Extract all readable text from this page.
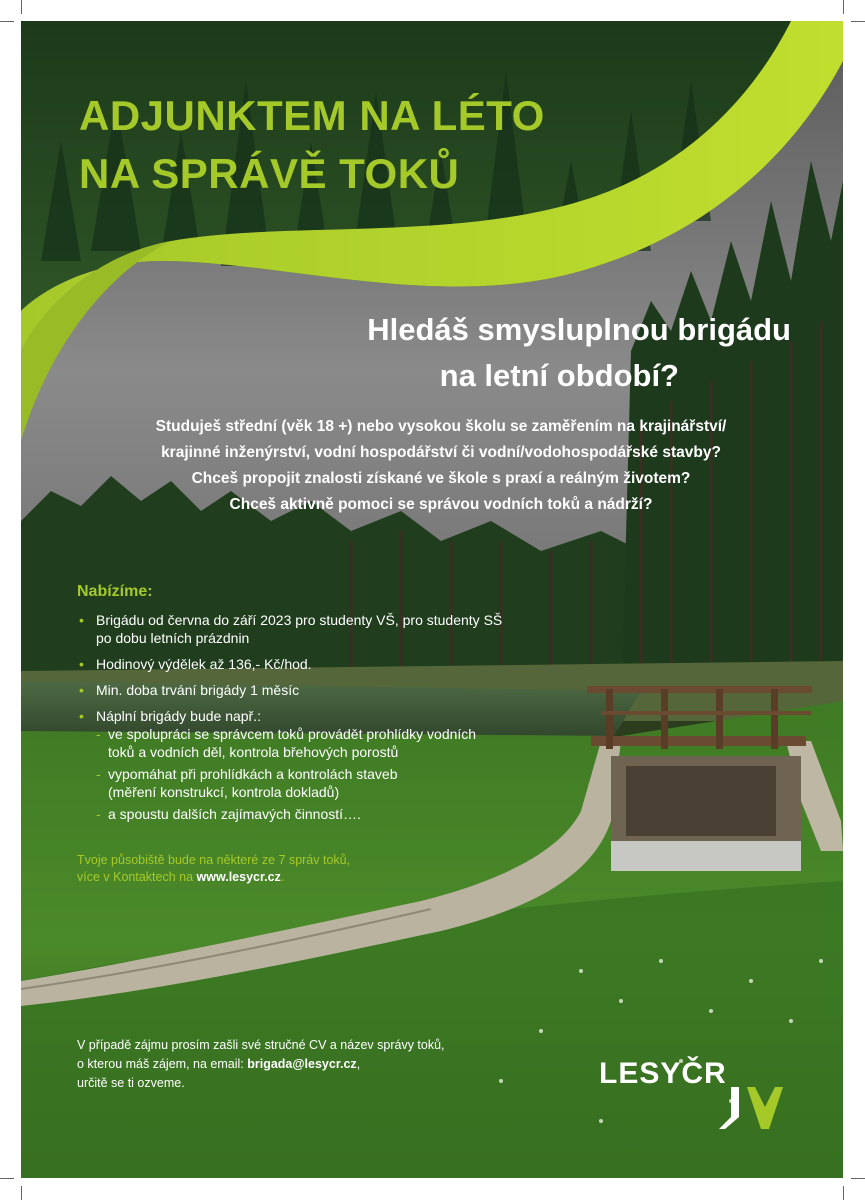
ADJUNKTEM NA LÉTO
NA SPRÁVĚ TOKŮ
Hledáš smysluplnou brigádu
na letní období?

Studuješ střední (věk 18 +) nebo vysokou školu se zaměřením na krajinářství/

krajinné inženýrství, vodní hospodářství či vodní/vodohospodářské stavby?

Chceš propojit znalosti získané ve škole s praxí a reálným životem?

Chceš aktivně pomoci se správou vodních toků a nádrží?

Nabízíme:
• Brigádu od června do září 2023 pro studenty VŠ, pro studenty SŠ
po dobu letních prázdnin
• Hodinový výdělek až 136,- Kč/hod.
• Min. doba trvání brigády 1 měsíc
• Náplní brigády bude např.:
- ve spolupráci se správcem toků provádět prohlídky vodních
toků a vodních děl, kontrola břehových porostů
- vypomáhat při prohlídkách a kontrolách staveb
(měření konstrukcí, kontrola dokladů)
- a spoustu dalších zajímavých činností….

Tvoje působiště bude na některé ze 7 správ toků,

více v Kontaktech na www.lesycr.cz.

V případě zájmu prosím zašli své stručné CV a název správy toků,

o kterou máš zájem, na email: brigada@lesycr.cz,

určitě se ti ozveme.	LESYČR
